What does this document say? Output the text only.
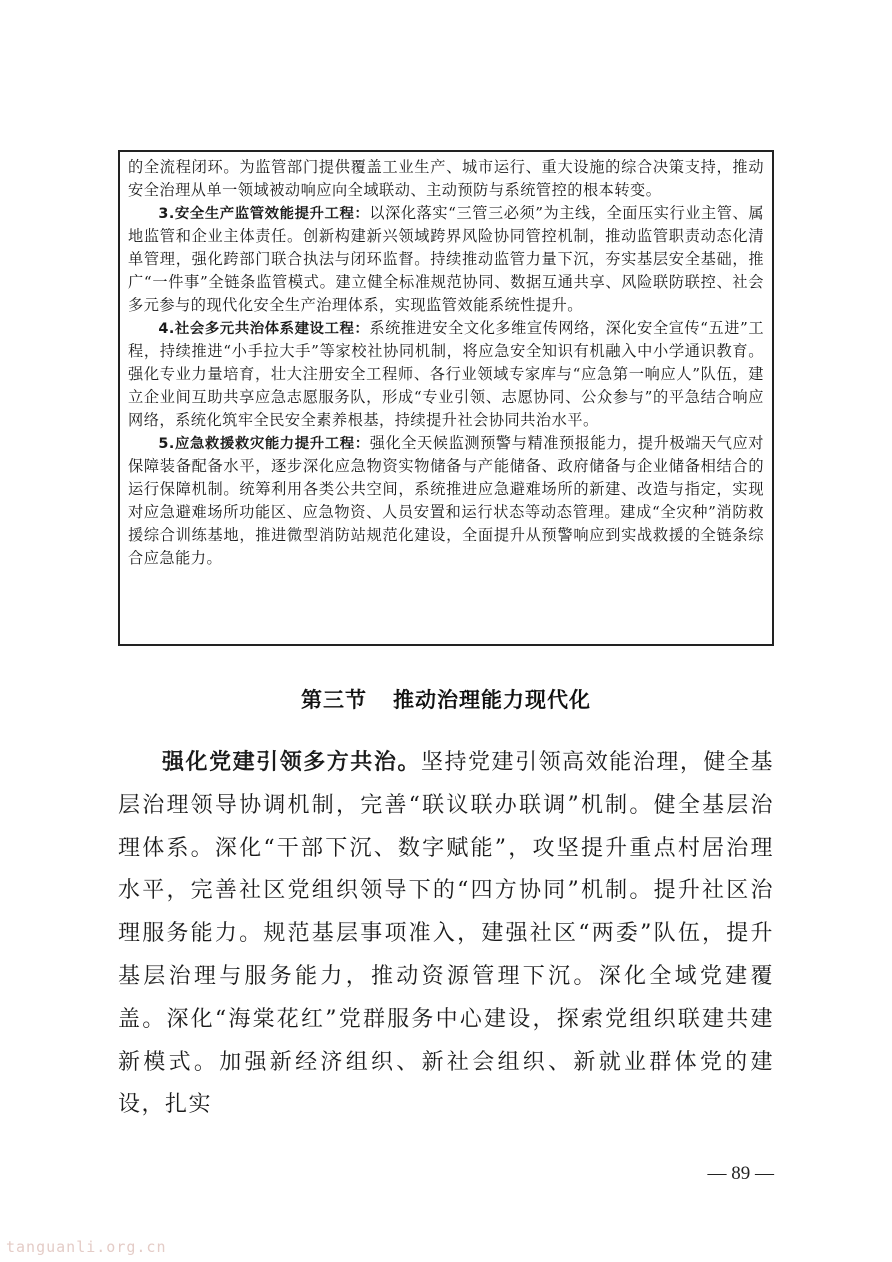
的全流程闭环。为监管部门提供覆盖工业生产、城市运行、重大设施的综合决策支持，推动安全治理从单一领域被动响应向全域联动、主动预防与系统管控的根本转变。

3.安全生产监管效能提升工程：以深化落实“三管三必须”为主线，全面压实行业主管、属地监管和企业主体责任。创新构建新兴领域跨界风险协同管控机制，推动监管职责动态化清单管理，强化跨部门联合执法与闭环监督。持续推动监管力量下沉，夯实基层安全基础，推广“一件事”全链条监管模式。建立健全标准规范协同、数据互通共享、风险联防联控、社会多元参与的现代化安全生产治理体系，实现监管效能系统性提升。

4.社会多元共治体系建设工程：系统推进安全文化多维宣传网络，深化安全宣传“五进”工程，持续推进“小手拉大手”等家校社协同机制，将应急安全知识有机融入中小学通识教育。强化专业力量培育，壮大注册安全工程师、各行业领域专家库与“应急第一响应人”队伍，建立企业间互助共享应急志愿服务队，形成“专业引领、志愿协同、公众参与”的平急结合响应网络，系统化筑牢全民安全素养根基，持续提升社会协同共治水平。

5.应急救援救灾能力提升工程：强化全天候监测预警与精准预报能力，提升极端天气应对保障装备配备水平，逐步深化应急物资实物储备与产能储备、政府储备与企业储备相结合的运行保障机制。统筹利用各类公共空间，系统推进应急避难场所的新建、改造与指定，实现对应急避难场所功能区、应急物资、人员安置和运行状态等动态管理。建成“全灾种”消防救援综合训练基地，推进微型消防站规范化建设，全面提升从预警响应到实战救援的全链条综合应急能力。

第三节 推动治理能力现代化

强化党建引领多方共治。坚持党建引领高效能治理，健全基层治理领导协调机制，完善“联议联办联调”机制。健全基层治理体系。深化“干部下沉、数字赋能”，攻坚提升重点村居治理水平，完善社区党组织领导下的“四方协同”机制。提升社区治理服务能力。规范基层事项准入，建强社区“两委”队伍，提升基层治理与服务能力，推动资源管理下沉。深化全域党建覆盖。深化“海棠花红”党群服务中心建设，探索党组织联建共建新模式。加强新经济组织、新社会组织、新就业群体党的建设，扎实

— 89 —
tanguanli.org.cn
